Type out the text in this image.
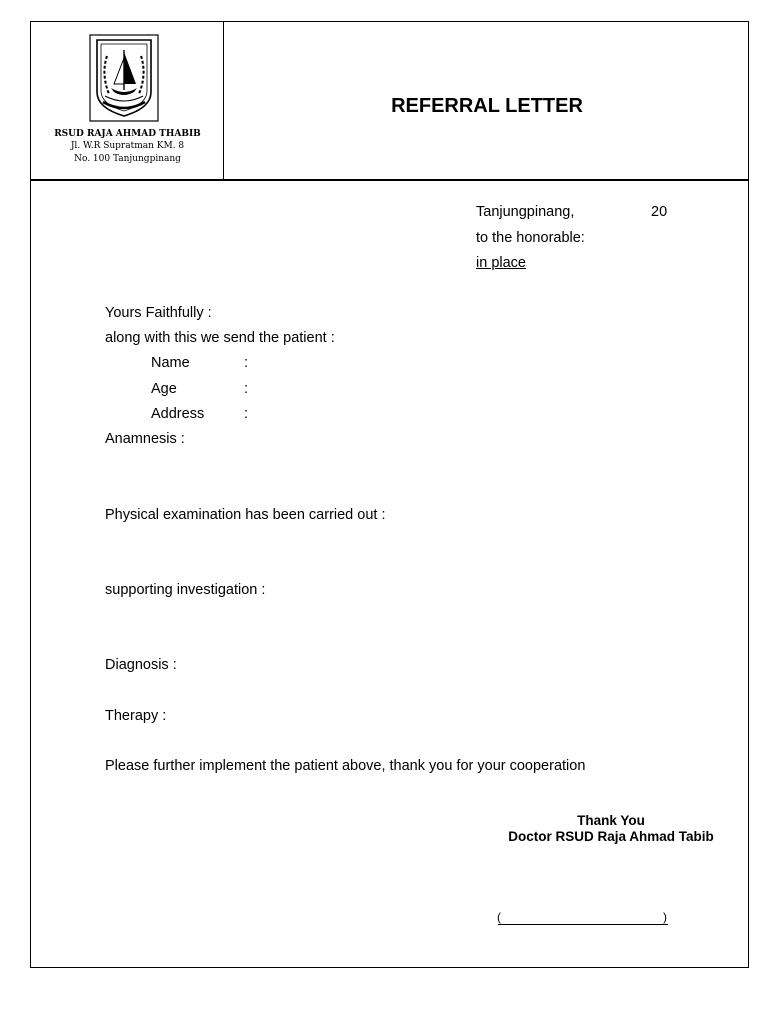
RSUD RAJA AHMAD THABIB
Jl. W.R Supratman KM. 8
No. 100 Tanjungpinang
REFERRAL LETTER
Tanjungpinang,	20
to the honorable:
in place
Yours Faithfully :
along with this we send the patient :
Name	:
Age	:
Address	:
Anamnesis :
Physical examination has been carried out :
supporting investigation :
Diagnosis :
Therapy :
Please further implement the patient above, thank you for your cooperation
Thank You
Doctor RSUD Raja Ahmad Tabib
(	)
